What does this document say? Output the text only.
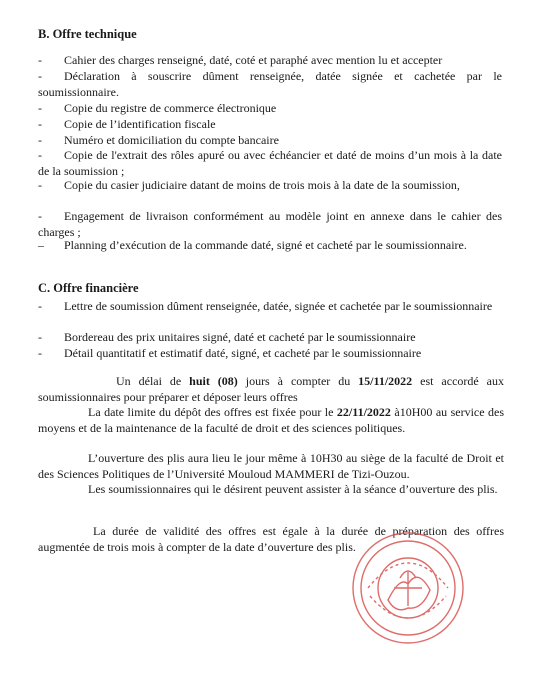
B. Offre technique
-	Cahier des charges renseigné, daté, coté et paraphé avec mention lu et accepter
-	Déclaration à souscrire dûment renseignée, datée signée et cachetée par le soumissionnaire.
-	Copie du registre de commerce électronique
-	Copie de l’identification fiscale
-	Numéro et domiciliation du compte bancaire
-	Copie de l'extrait des rôles apuré ou avec échéancier et daté de moins d’un mois à la date de la soumission ;
-	Copie du casier judiciaire datant de moins de trois mois à la date de la soumission,
-	Engagement de livraison conformément au modèle joint en annexe dans le cahier des charges ;
–	Planning d’exécution de la commande daté, signé et cacheté par le soumissionnaire.
C. Offre financière
-	Lettre de soumission dûment renseignée, datée, signée et cachetée par le soumissionnaire
-	Bordereau des prix unitaires signé, daté et cacheté par le soumissionnaire
-	Détail quantitatif et estimatif daté, signé, et cacheté par le soumissionnaire
Un délai de huit (08) jours à compter du 15/11/2022 est accordé aux soumissionnaires pour préparer et déposer leurs offres
La date limite du dépôt des offres est fixée pour le 22/11/2022 à10H00 au service des moyens et de la maintenance de la faculté de droit et des sciences politiques.
L’ouverture des plis aura lieu le jour même à 10H30 au siège de la faculté de Droit et des Sciences Politiques de l’Université Mouloud MAMMERI de Tizi-Ouzou.
Les soumissionnaires qui le désirent peuvent assister à la séance d’ouverture des plis.
La durée de validité des offres est égale à la durée de préparation des offres augmentée de trois mois à compter de la date d’ouverture des plis.
